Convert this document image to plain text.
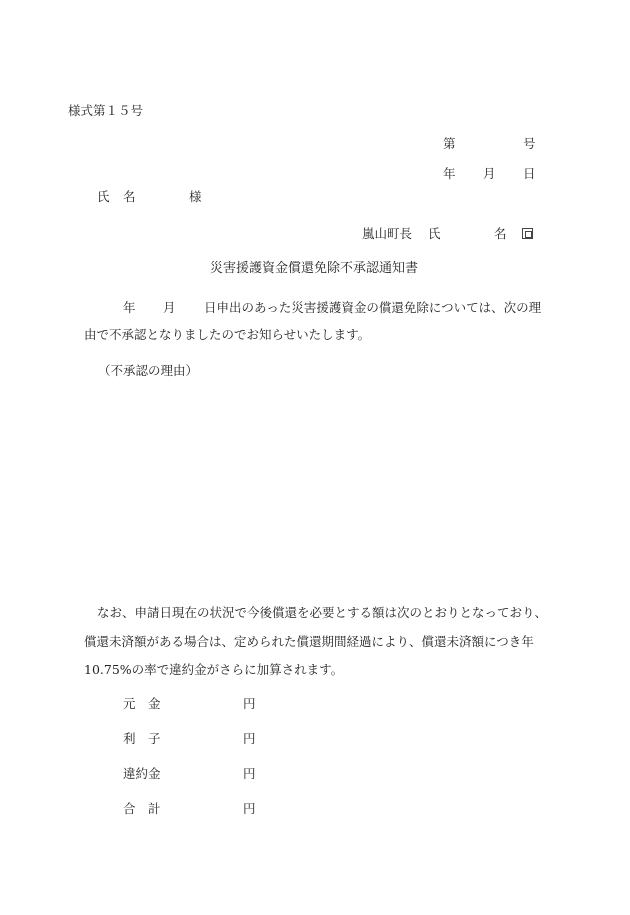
様式第１５号
第	号
年 月 日
氏 名	様
嵐山町長 氏	名
災害援護資金償還免除不承認通知書
年 月 日申出のあった災害援護資金の償還免除については、次の理
由で不承認となりましたのでお知らせいたします。
（不承認の理由）
なお、申請日現在の状況で今後償還を必要とする額は次のとおりとなっており、
償還未済額がある場合は、定められた償還期間経過により、償還未済額につき年
10.75%の率で違約金がさらに加算されます。
元　金	円
利　子	円
違約金	円
合　計	円
